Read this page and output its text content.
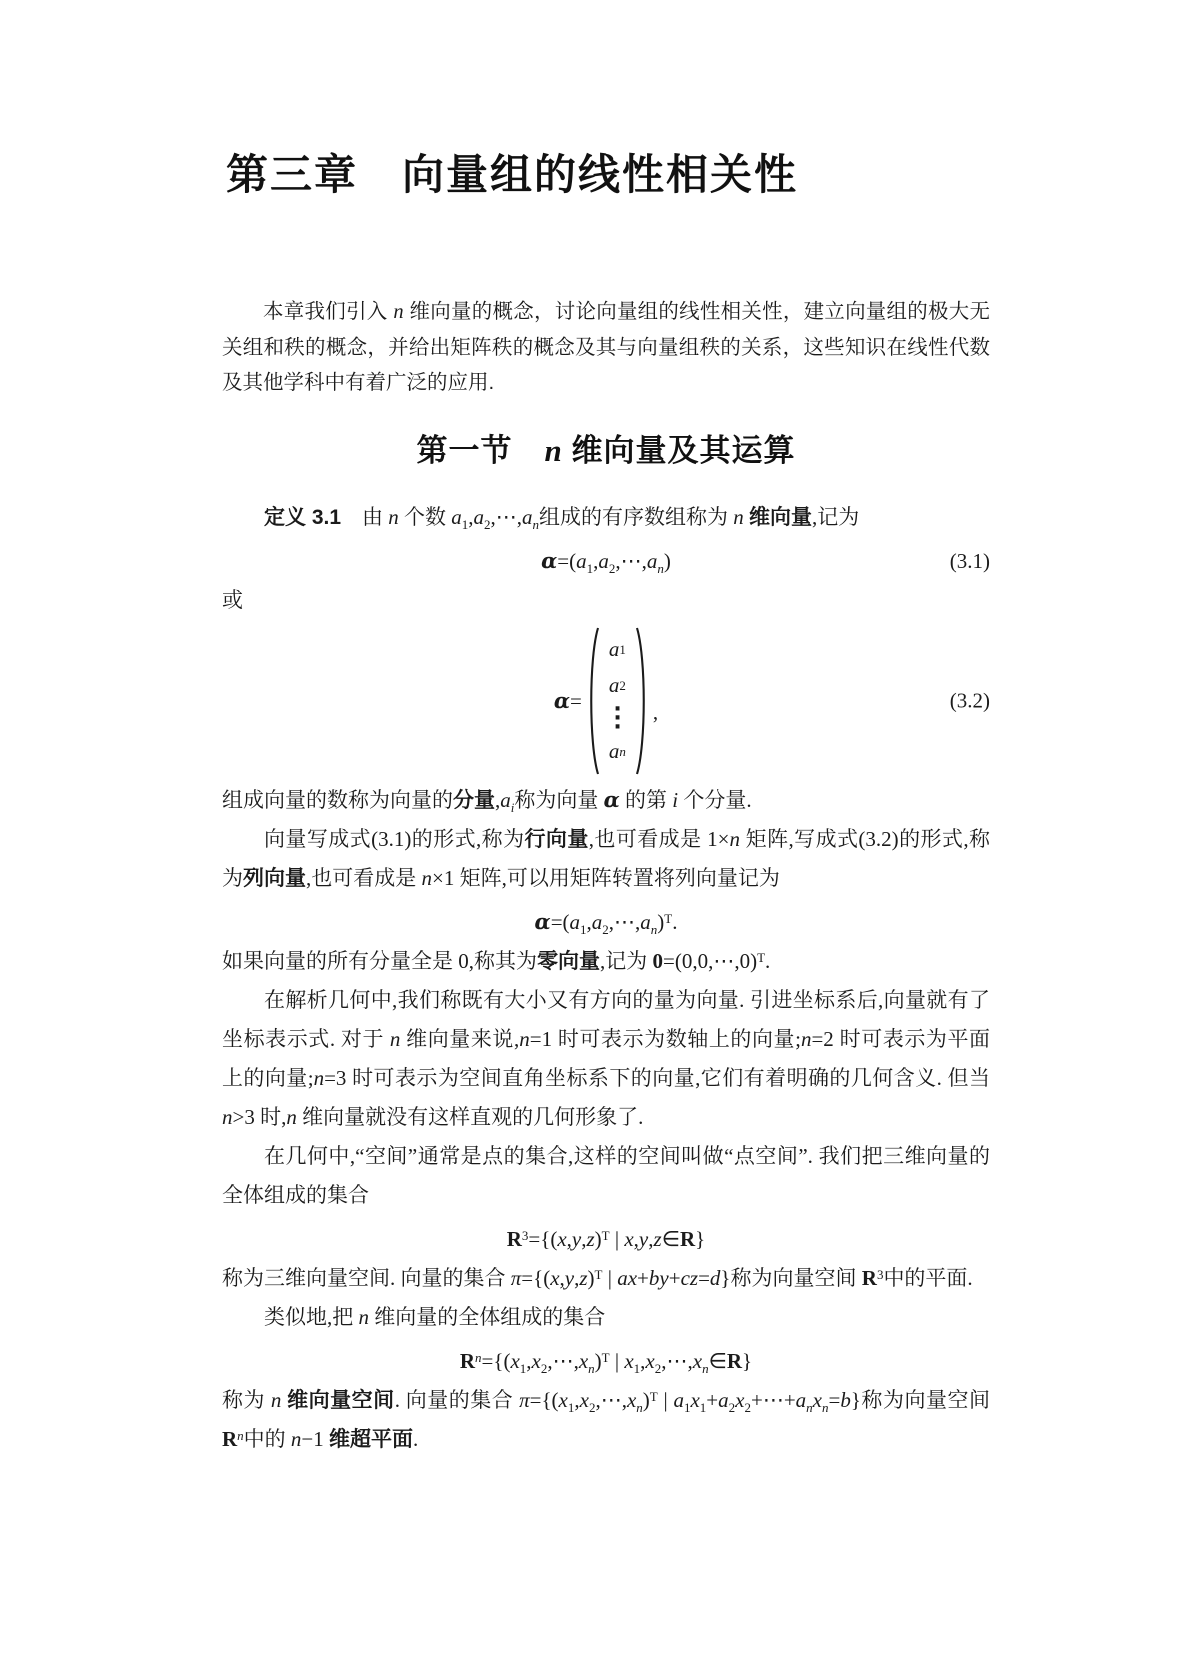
第三章　向量组的线性相关性

本章我们引入 n 维向量的概念，讨论向量组的线性相关性，建立向量组的极大无关组和秩的概念，并给出矩阵秩的概念及其与向量组秩的关系，这些知识在线性代数及其他学科中有着广泛的应用.

第一节　n 维向量及其运算

定义 3.1　由 n 个数 $a_1,a_2,\cdots,a_n$组成的有序数组称为 n 维向量,记为

$\alpha=(a_1,a_2,\cdots,a_n)$	(3.1)

或

α=
a 1
a 2
···
a n
,	(3.2)

组成向量的数称为向量的分量$,a_i$称为向量 α 的第 i 个分量.

向量写成式(3.1)的形式,称为行向量,也可看成是 1×n 矩阵,写成式(3.2)的形式,称为列向量,也可看成是 n×1 矩阵,可以用矩阵转置将列向量记为

$\alpha=(a_1,a_2,\cdots,a_n)^T$.

如果向量的所有分量全是 0,称其为零向量,记为 0=(0,0,⋯,0)$^T$.

在解析几何中,我们称既有大小又有方向的量为向量. 引进坐标系后,向量就有了坐标表示式. 对于 n 维向量来说,n=1 时可表示为数轴上的向量;n=2 时可表示为平面上的向量;n=3 时可表示为空间直角坐标系下的向量,它们有着明确的几何含义. 但当 n>3 时,n 维向量就没有这样直观的几何形象了.

在几何中,“空间”通常是点的集合,这样的空间叫做“点空间”. 我们把三维向量的全体组成的集合

$R^3=\{(x,y,z)^T$ | x,y,z∈R}

称为三维向量空间. 向量的集合 $\pi=\{(x,y,z)^T$ | ax+by+cz=d}称为向量空间 $R^3$中的平面.

类似地,把 n 维向量的全体组成的集合

$R^n=\{(x_1,x_2,\cdots,x_n)^T$ | $x_1,x_2,\cdots,x_n\in R$}

称为 n 维向量空间. 向量的集合 $\pi=\{(x_1,x_2,\cdots,x_n)^T$ | $a_1x_1+a_2x_2+\cdots+a_nx_n=b$}称为向量空间 $R^n$中的 n−1 维超平面.
